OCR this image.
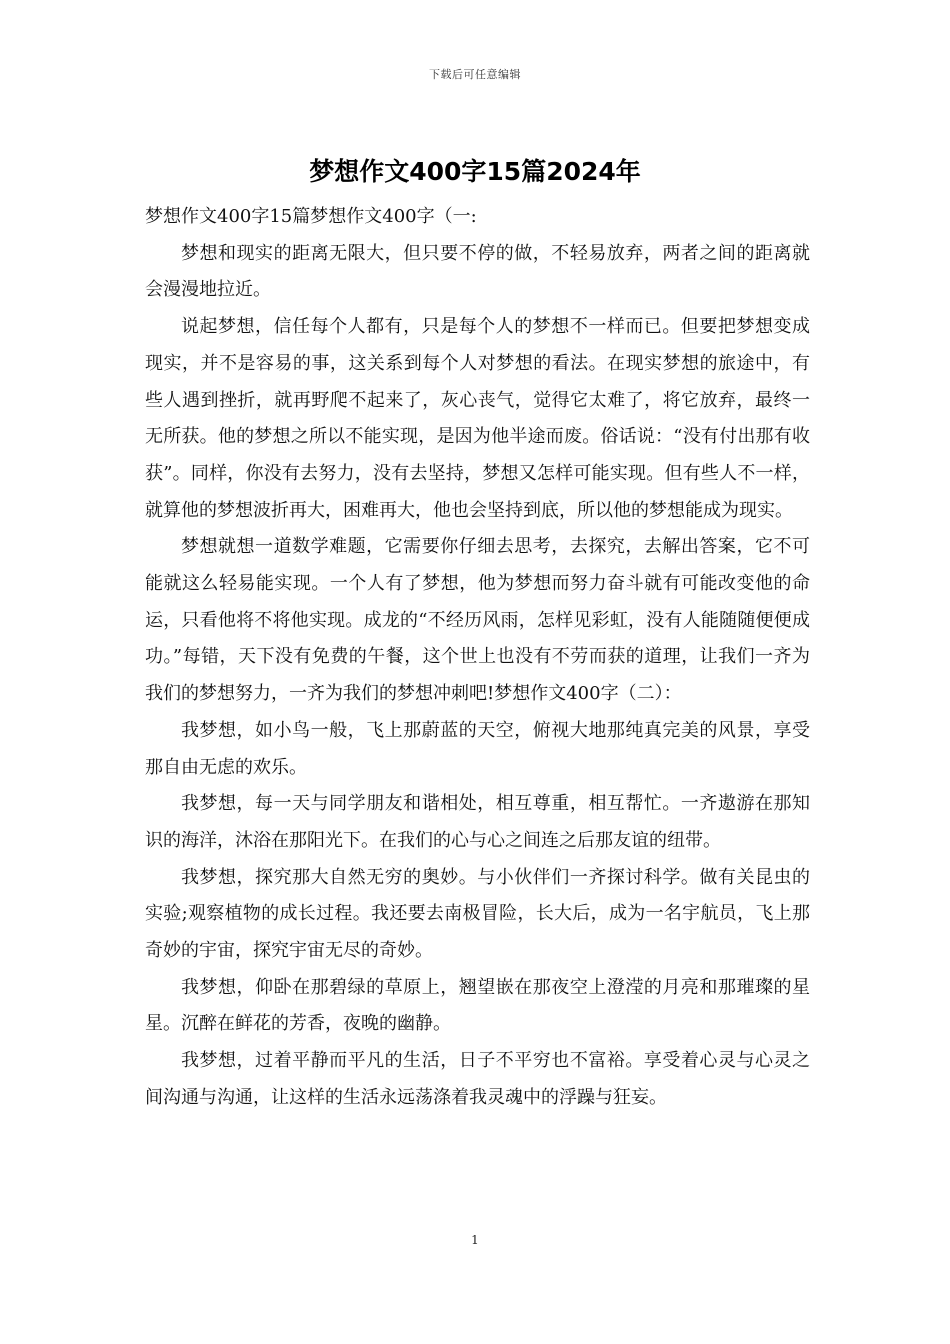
下载后可任意编辑
梦想作文400字15篇2024年

梦想作文400字15篇梦想作文400字（一:

梦想和现实的距离无限大，但只要不停的做，不轻易放弃，两者之间的距离就会漫漫地拉近。

说起梦想，信任每个人都有，只是每个人的梦想不一样而已。但要把梦想变成现实，并不是容易的事，这关系到每个人对梦想的看法。在现实梦想的旅途中，有些人遇到挫折，就再野爬不起来了，灰心丧气，觉得它太难了，将它放弃，最终一无所获。他的梦想之所以不能实现，是因为他半途而废。俗话说：“没有付出那有收获”。同样，你没有去努力，没有去坚持，梦想又怎样可能实现。但有些人不一样，就算他的梦想波折再大，困难再大，他也会坚持到底，所以他的梦想能成为现实。

梦想就想一道数学难题，它需要你仔细去思考，去探究，去解出答案，它不可能就这么轻易能实现。一个人有了梦想，他为梦想而努力奋斗就有可能改变他的命运，只看他将不将他实现。成龙的“不经历风雨，怎样见彩虹，没有人能随随便便成功。”每错，天下没有免费的午餐，这个世上也没有不劳而获的道理，让我们一齐为我们的梦想努力，一齐为我们的梦想冲刺吧!梦想作文400字（二）：

我梦想，如小鸟一般，飞上那蔚蓝的天空，俯视大地那纯真完美的风景，享受那自由无虑的欢乐。

我梦想，每一天与同学朋友和谐相处，相互尊重，相互帮忙。一齐遨游在那知识的海洋，沐浴在那阳光下。在我们的心与心之间连之后那友谊的纽带。

我梦想，探究那大自然无穷的奥妙。与小伙伴们一齐探讨科学。做有关昆虫的实验;观察植物的成长过程。我还要去南极冒险，长大后，成为一名宇航员，飞上那奇妙的宇宙，探究宇宙无尽的奇妙。

我梦想，仰卧在那碧绿的草原上，翘望嵌在那夜空上澄滢的月亮和那璀璨的星星。沉醉在鲜花的芳香，夜晚的幽静。

我梦想，过着平静而平凡的生活，日子不平穷也不富裕。享受着心灵与心灵之间沟通与沟通，让这样的生活永远荡涤着我灵魂中的浮躁与狂妄。

1
